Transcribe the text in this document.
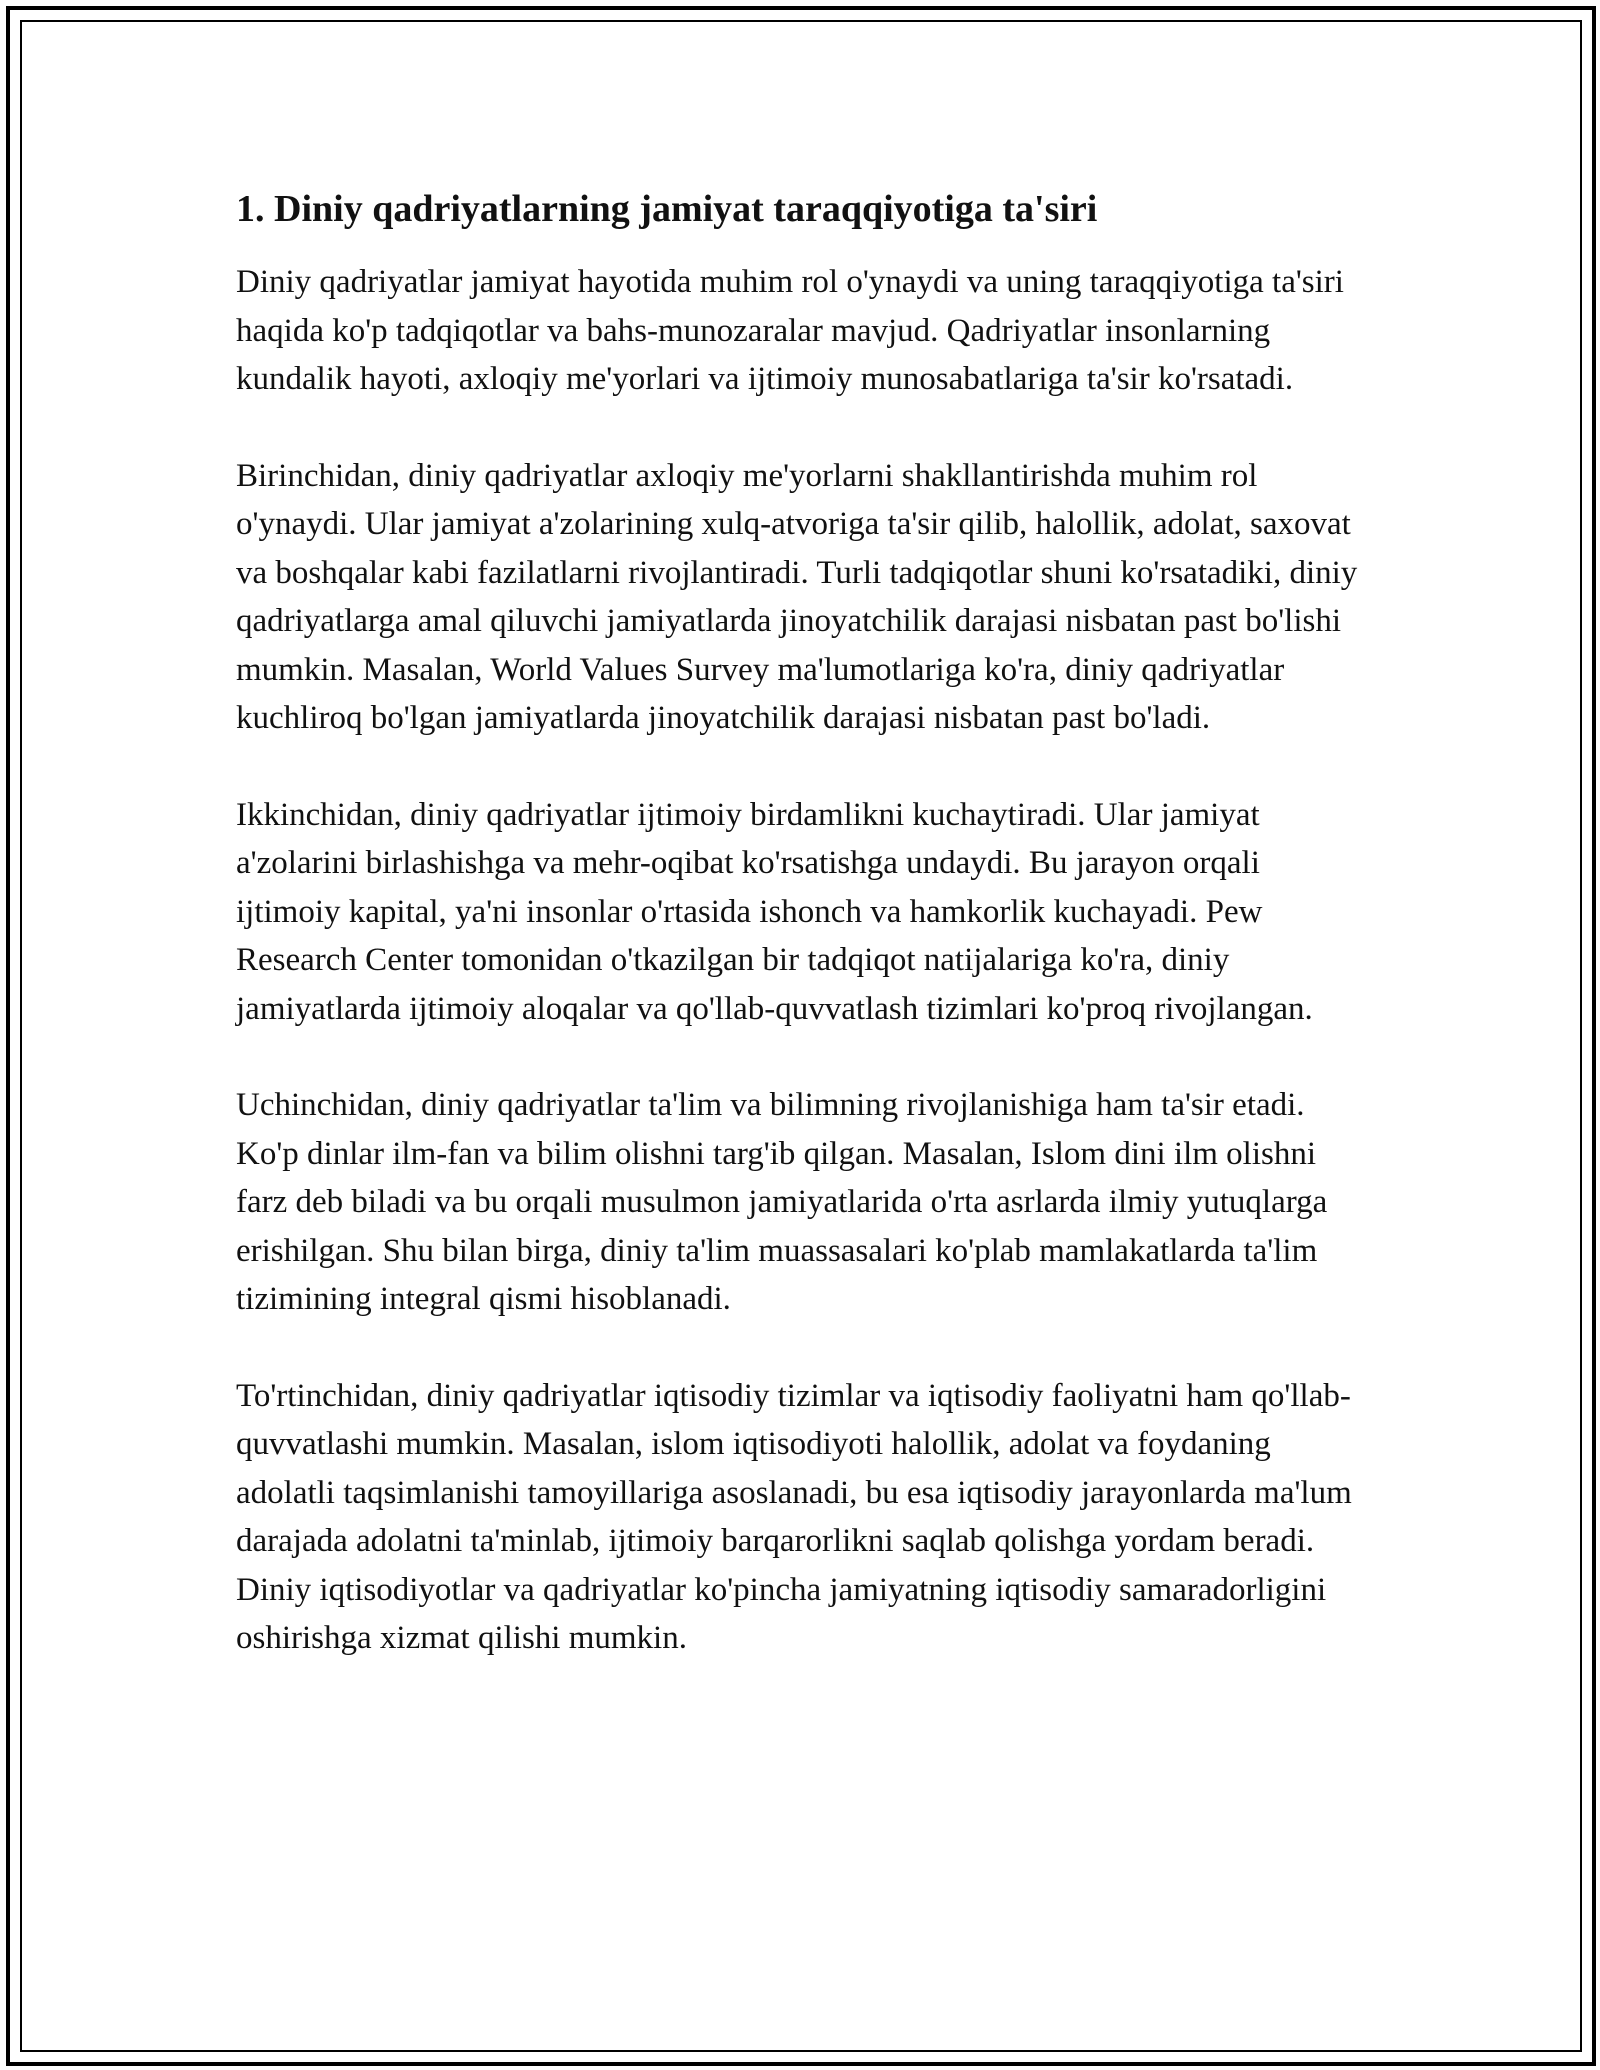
1. Diniy qadriyatlarning jamiyat taraqqiyotiga ta'siri

Diniy qadriyatlar jamiyat hayotida muhim rol o'ynaydi va uning taraqqiyotiga ta'siri haqida ko'p tadqiqotlar va bahs-munozaralar mavjud. Qadriyatlar insonlarning kundalik hayoti, axloqiy me'yorlari va ijtimoiy munosabatlariga ta'sir ko'rsatadi.

Birinchidan, diniy qadriyatlar axloqiy me'yorlarni shakllantirishda muhim rol o'ynaydi. Ular jamiyat a'zolarining xulq-atvoriga ta'sir qilib, halollik, adolat, saxovat va boshqalar kabi fazilatlarni rivojlantiradi. Turli tadqiqotlar shuni ko'rsatadiki, diniy qadriyatlarga amal qiluvchi jamiyatlarda jinoyatchilik darajasi nisbatan past bo'lishi mumkin. Masalan, World Values Survey ma'lumotlariga ko'ra, diniy qadriyatlar kuchliroq bo'lgan jamiyatlarda jinoyatchilik darajasi nisbatan past bo'ladi.

Ikkinchidan, diniy qadriyatlar ijtimoiy birdamlikni kuchaytiradi. Ular jamiyat a'zolarini birlashishga va mehr-oqibat ko'rsatishga undaydi. Bu jarayon orqali ijtimoiy kapital, ya'ni insonlar o'rtasida ishonch va hamkorlik kuchayadi. Pew Research Center tomonidan o'tkazilgan bir tadqiqot natijalariga ko'ra, diniy jamiyatlarda ijtimoiy aloqalar va qo'llab-quvvatlash tizimlari ko'proq rivojlangan.

Uchinchidan, diniy qadriyatlar ta'lim va bilimning rivojlanishiga ham ta'sir etadi. Ko'p dinlar ilm-fan va bilim olishni targ'ib qilgan. Masalan, Islom dini ilm olishni farz deb biladi va bu orqali musulmon jamiyatlarida o'rta asrlarda ilmiy yutuqlarga erishilgan. Shu bilan birga, diniy ta'lim muassasalari ko'plab mamlakatlarda ta'lim tizimining integral qismi hisoblanadi.

To'rtinchidan, diniy qadriyatlar iqtisodiy tizimlar va iqtisodiy faoliyatni ham qo'llab-quvvatlashi mumkin. Masalan, islom iqtisodiyoti halollik, adolat va foydaning adolatli taqsimlanishi tamoyillariga asoslanadi, bu esa iqtisodiy jarayonlarda ma'lum darajada adolatni ta'minlab, ijtimoiy barqarorlikni saqlab qolishga yordam beradi. Diniy iqtisodiyotlar va qadriyatlar ko'pincha jamiyatning iqtisodiy samaradorligini oshirishga xizmat qilishi mumkin.
